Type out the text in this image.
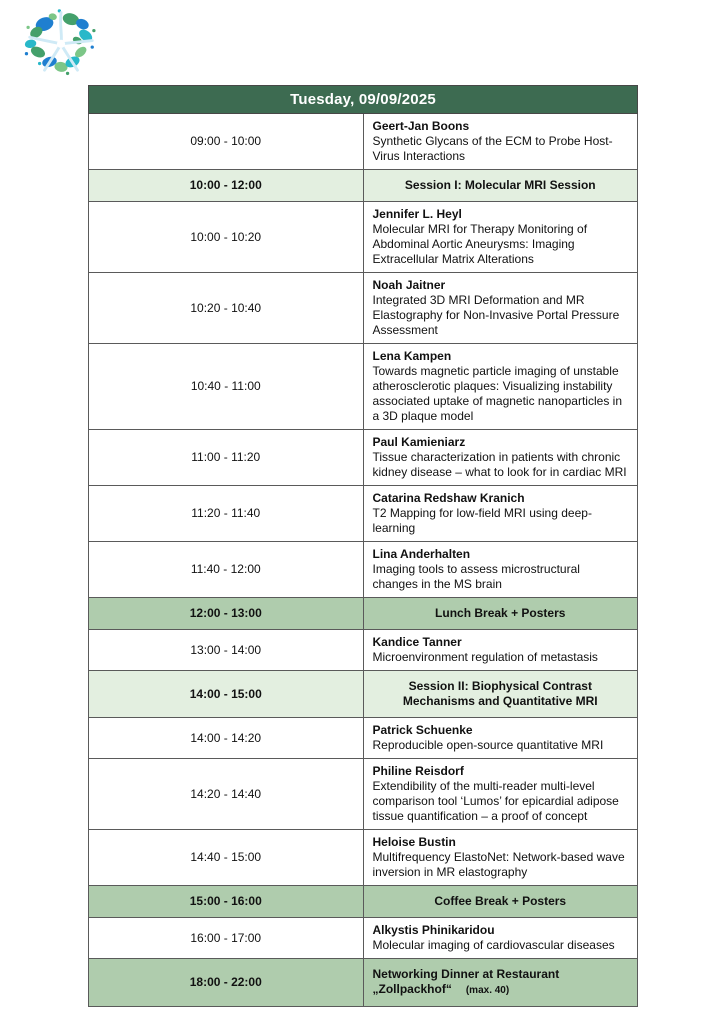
Tuesday, 09/09/2025	
09:00 - 10:00	Geert-Jan Boons
Synthetic Glycans of the ECM to Probe Host-Virus Interactions

10:00 - 12:00	Session I: Molecular MRI Session
10:00 - 10:20	Jennifer L. Heyl
Molecular MRI for Therapy Monitoring of Abdominal Aortic Aneurysms: Imaging Extracellular Matrix Alterations

10:20 - 10:40	Noah Jaitner
Integrated 3D MRI Deformation and MR Elastography for Non-Invasive Portal Pressure Assessment

10:40 - 11:00	Lena Kampen
Towards magnetic particle imaging of unstable atherosclerotic plaques: Visualizing instability associated uptake of magnetic nanoparticles in a 3D plaque model

11:00 - 11:20	Paul Kamieniarz
Tissue characterization in patients with chronic kidney disease – what to look for in cardiac MRI

11:20 - 11:40	Catarina Redshaw Kranich
T2 Mapping for low-field MRI using deep-learning

11:40 - 12:00	Lina Anderhalten
Imaging tools to assess microstructural changes in the MS brain

12:00 - 13:00	Lunch Break + Posters
13:00 - 14:00	Kandice Tanner
Microenvironment regulation of metastasis

14:00 - 15:00	Session II: Biophysical Contrast Mechanisms and Quantitative MRI
14:00 - 14:20	Patrick Schuenke
Reproducible open-source quantitative MRI

14:20 - 14:40	Philine Reisdorf
Extendibility of the multi-reader multi-level comparison tool ‘Lumos’ for epicardial adipose tissue quantification – a proof of concept

14:40 - 15:00	Heloise Bustin
Multifrequency ElastoNet: Network-based wave inversion in MR elastography

15:00 - 16:00	Coffee Break + Posters
16:00 - 17:00	Alkystis Phinikaridou
Molecular imaging of cardiovascular diseases

18:00 - 22:00	Networking Dinner at Restaurant „Zollpackhof“ (max. 40)
